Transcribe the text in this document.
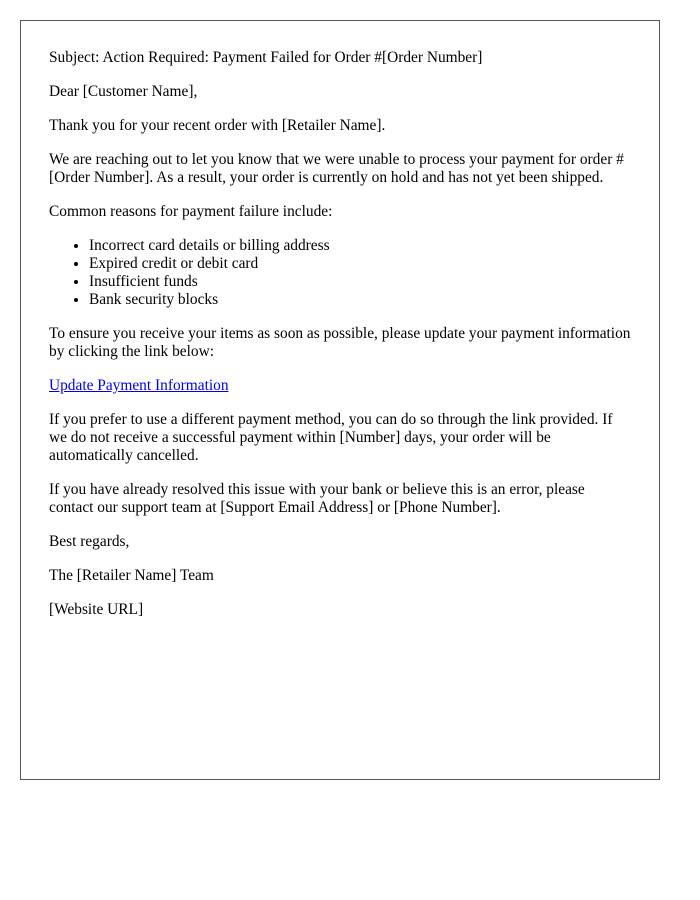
Subject: Action Required: Payment Failed for Order #[Order Number]

Dear [Customer Name],

Thank you for your recent order with [Retailer Name].

We are reaching out to let you know that we were unable to process your payment for order #[Order Number]. As a result, your order is currently on hold and has not yet been shipped.

Common reasons for payment failure include:

• Incorrect card details or billing address
• Expired credit or debit card
• Insufficient funds
• Bank security blocks

To ensure you receive your items as soon as possible, please update your payment information by clicking the link below:

Update Payment Information

If you prefer to use a different payment method, you can do so through the link provided. If we do not receive a successful payment within [Number] days, your order will be automatically cancelled.

If you have already resolved this issue with your bank or believe this is an error, please contact our support team at [Support Email Address] or [Phone Number].

Best regards,

The [Retailer Name] Team

[Website URL]
